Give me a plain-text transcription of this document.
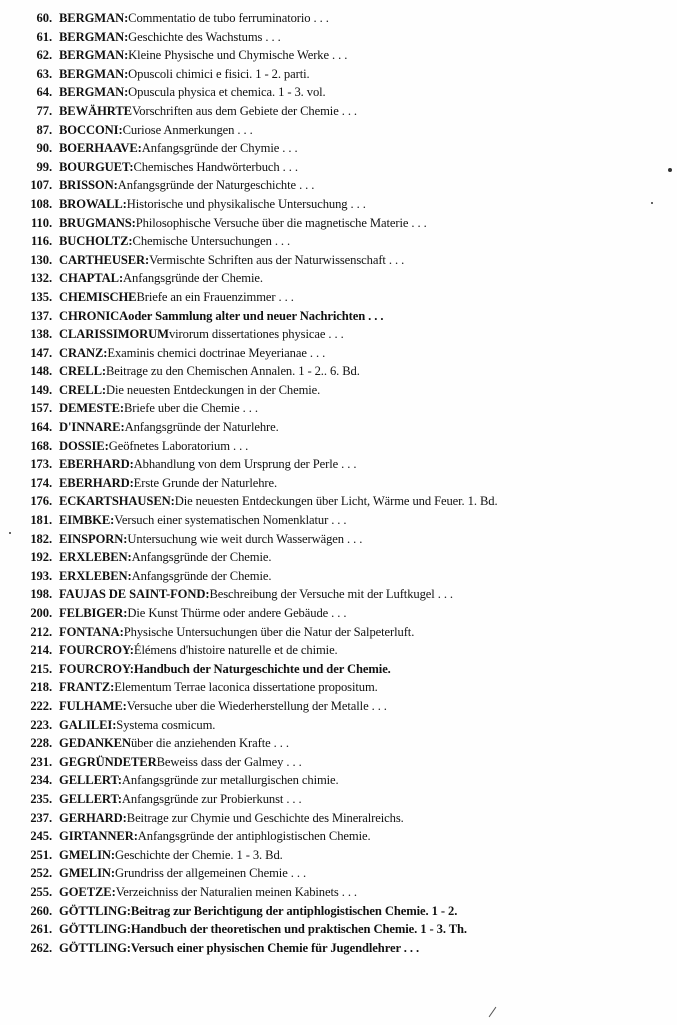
60. BERGMAN: Commentatio de tubo ferruminatorio . . .
61. BERGMAN: Geschichte des Wachstums . . .
62. BERGMAN: Kleine Physische und Chymische Werke . . .
63. BERGMAN: Opuscoli chimici e fisici. 1 - 2. parti.
64. BERGMAN: Opuscula physica et chemica. 1 - 3. vol.
77. BEWÄHRTE Vorschriften aus dem Gebiete der Chemie . . .
87. BOCCONI: Curiose Anmerkungen . . .
90. BOERHAAVE: Anfangsgründe der Chymie . . .
99. BOURGUET: Chemisches Handwörterbuch . . .
107. BRISSON: Anfangsgründe der Naturgeschichte . . .
108. BROWALL: Historische und physikalische Untersuchung . . .
110. BRUGMANS: Philosophische Versuche über die magnetische Materie . . .
116. BUCHOLTZ: Chemische Untersuchungen . . .
130. CARTHEUSER: Vermischte Schriften aus der Naturwissenschaft . . .
132. CHAPTAL: Anfangsgründe der Chemie.
135. CHEMISCHE Briefe an ein Frauenzimmer . . .
137. CHRONICA oder Sammlung alter und neuer Nachrichten . . .
138. CLARISSIMORUM virorum dissertationes physicae . . .
147. CRANZ: Examinis chemici doctrinae Meyerianae . . .
148. CRELL: Beitrage zu den Chemischen Annalen. 1 - 2.. 6. Bd.
149. CRELL: Die neuesten Entdeckungen in der Chemie.
157. DEMESTE: Briefe uber die Chemie . . .
164. D'INNARE: Anfangsgründe der Naturlehre.
168. DOSSIE: Geöfnetes Laboratorium . . .
173. EBERHARD: Abhandlung von dem Ursprung der Perle . . .
174. EBERHARD: Erste Grunde der Naturlehre.
176. ECKARTSHAUSEN: Die neuesten Entdeckungen über Licht, Wärme und Feuer. 1. Bd.
181. EIMBKE: Versuch einer systematischen Nomenklatur . . .
182. EINSPORN: Untersuchung wie weit durch Wasserwägen . . .
192. ERXLEBEN: Anfangsgründe der Chemie.
193. ERXLEBEN: Anfangsgründe der Chemie.
198. FAUJAS DE SAINT-FOND: Beschreibung der Versuche mit der Luftkugel . . .
200. FELBIGER: Die Kunst Thürme oder andere Gebäude . . .
212. FONTANA: Physische Untersuchungen über die Natur der Salpeterluft.
214. FOURCROY: Élémens d'histoire naturelle et de chimie.
215. FOURCROY: Handbuch der Naturgeschichte und der Chemie.
218. FRANTZ: Elementum Terrae laconica dissertatione propositum.
222. FULHAME: Versuche uber die Wiederherstellung der Metalle . . .
223. GALILEI: Systema cosmicum.
228. GEDANKEN über die anziehenden Krafte . . .
231. GEGRÜNDETER Beweiss dass der Galmey . . .
234. GELLERT: Anfangsgründe zur metallurgischen chimie.
235. GELLERT: Anfangsgründe zur Probierkunst . . .
237. GERHARD: Beitrage zur Chymie und Geschichte des Mineralreichs.
245. GIRTANNER: Anfangsgründe der antiphlogistischen Chemie.
251. GMELIN: Geschichte der Chemie. 1 - 3. Bd.
252. GMELIN: Grundriss der allgemeinen Chemie . . .
255. GOETZE: Verzeichniss der Naturalien meinen Kabinets . . .
260. GÖTTLING: Beitrag zur Berichtigung der antiphlogistischen Chemie. 1 - 2.
261. GÖTTLING: Handbuch der theoretischen und praktischen Chemie. 1 - 3. Th.
262. GÖTTLING: Versuch einer physischen Chemie für Jugendlehrer . . .
